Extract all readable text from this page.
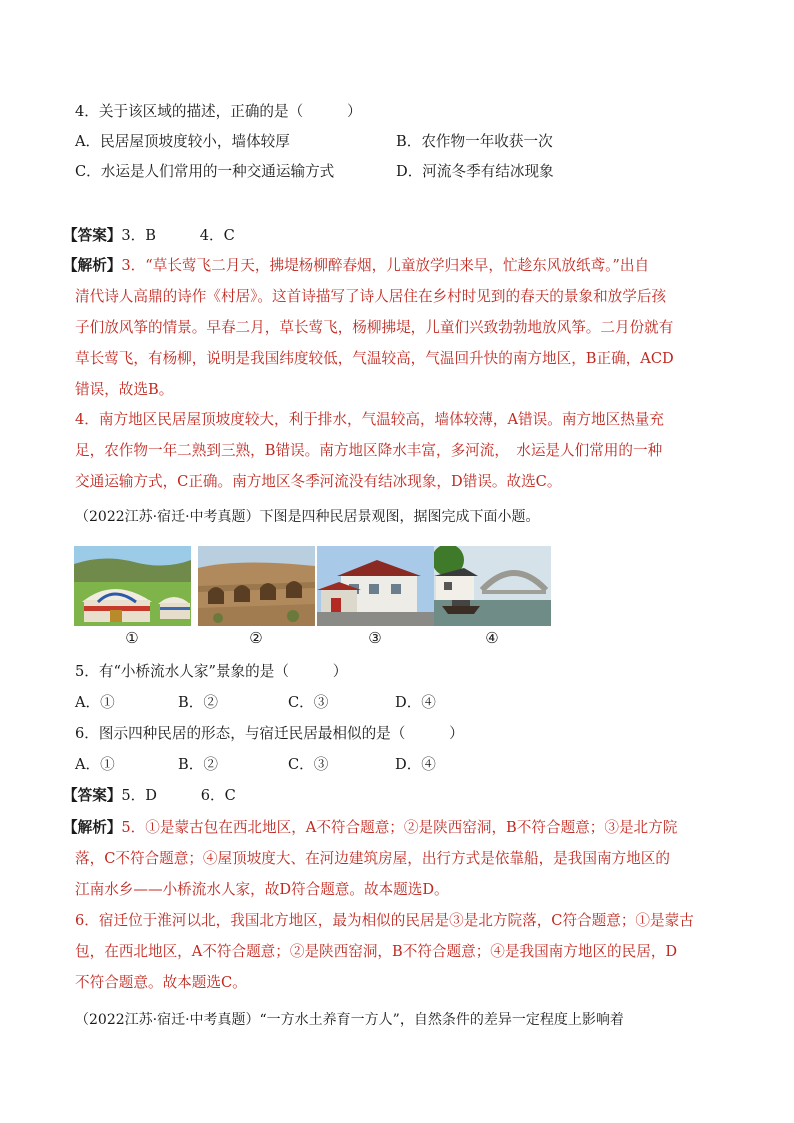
4．关于该区域的描述，正确的是（　　　）
A．民居屋顶坡度较小，墙体较厚	B．农作物一年收获一次
C．水运是人们常用的一种交通运输方式	D．河流冬季有结冰现象
【答案】3．B　　　4．C
【解析】3．“草长莺飞二月天，拂堤杨柳醉春烟，儿童放学归来早，忙趁东风放纸鸢。”出自
清代诗人高鼎的诗作《村居》。这首诗描写了诗人居住在乡村时见到的春天的景象和放学后孩
子们放风筝的情景。早春二月，草长莺飞，杨柳拂堤，儿童们兴致勃勃地放风筝。二月份就有
草长莺飞，有杨柳，说明是我国纬度较低，气温较高，气温回升快的南方地区，B正确，ACD
错误，故选B。
4．南方地区民居屋顶坡度较大，利于排水，气温较高，墙体较薄，A错误。南方地区热量充
足，农作物一年二熟到三熟，B错误。南方地区降水丰富，多河流，　水运是人们常用的一种
交通运输方式，C正确。南方地区冬季河流没有结冰现象，D错误。故选C。
（2022江苏·宿迁·中考真题）下图是四种民居景观图，据图完成下面小题。
①	②	③	④
5．有“小桥流水人家”景象的是（　　　）
A．①	B．②	C．③	D．④
6．图示四种民居的形态，与宿迁民居最相似的是（　　　）
A．①	B．②	C．③	D．④
【答案】5．D　　　6．C
【解析】5．①是蒙古包在西北地区，A不符合题意；②是陕西窑洞，B不符合题意；③是北方院
落，C不符合题意；④屋顶坡度大、在河边建筑房屋，出行方式是依靠船，是我国南方地区的
江南水乡——小桥流水人家，故D符合题意。故本题选D。
6．宿迁位于淮河以北，我国北方地区，最为相似的民居是③是北方院落，C符合题意；①是蒙古
包，在西北地区，A不符合题意；②是陕西窑洞，B不符合题意；④是我国南方地区的民居，D
不符合题意。故本题选C。
（2022江苏·宿迁·中考真题）“一方水土养育一方人”，自然条件的差异一定程度上影响着
